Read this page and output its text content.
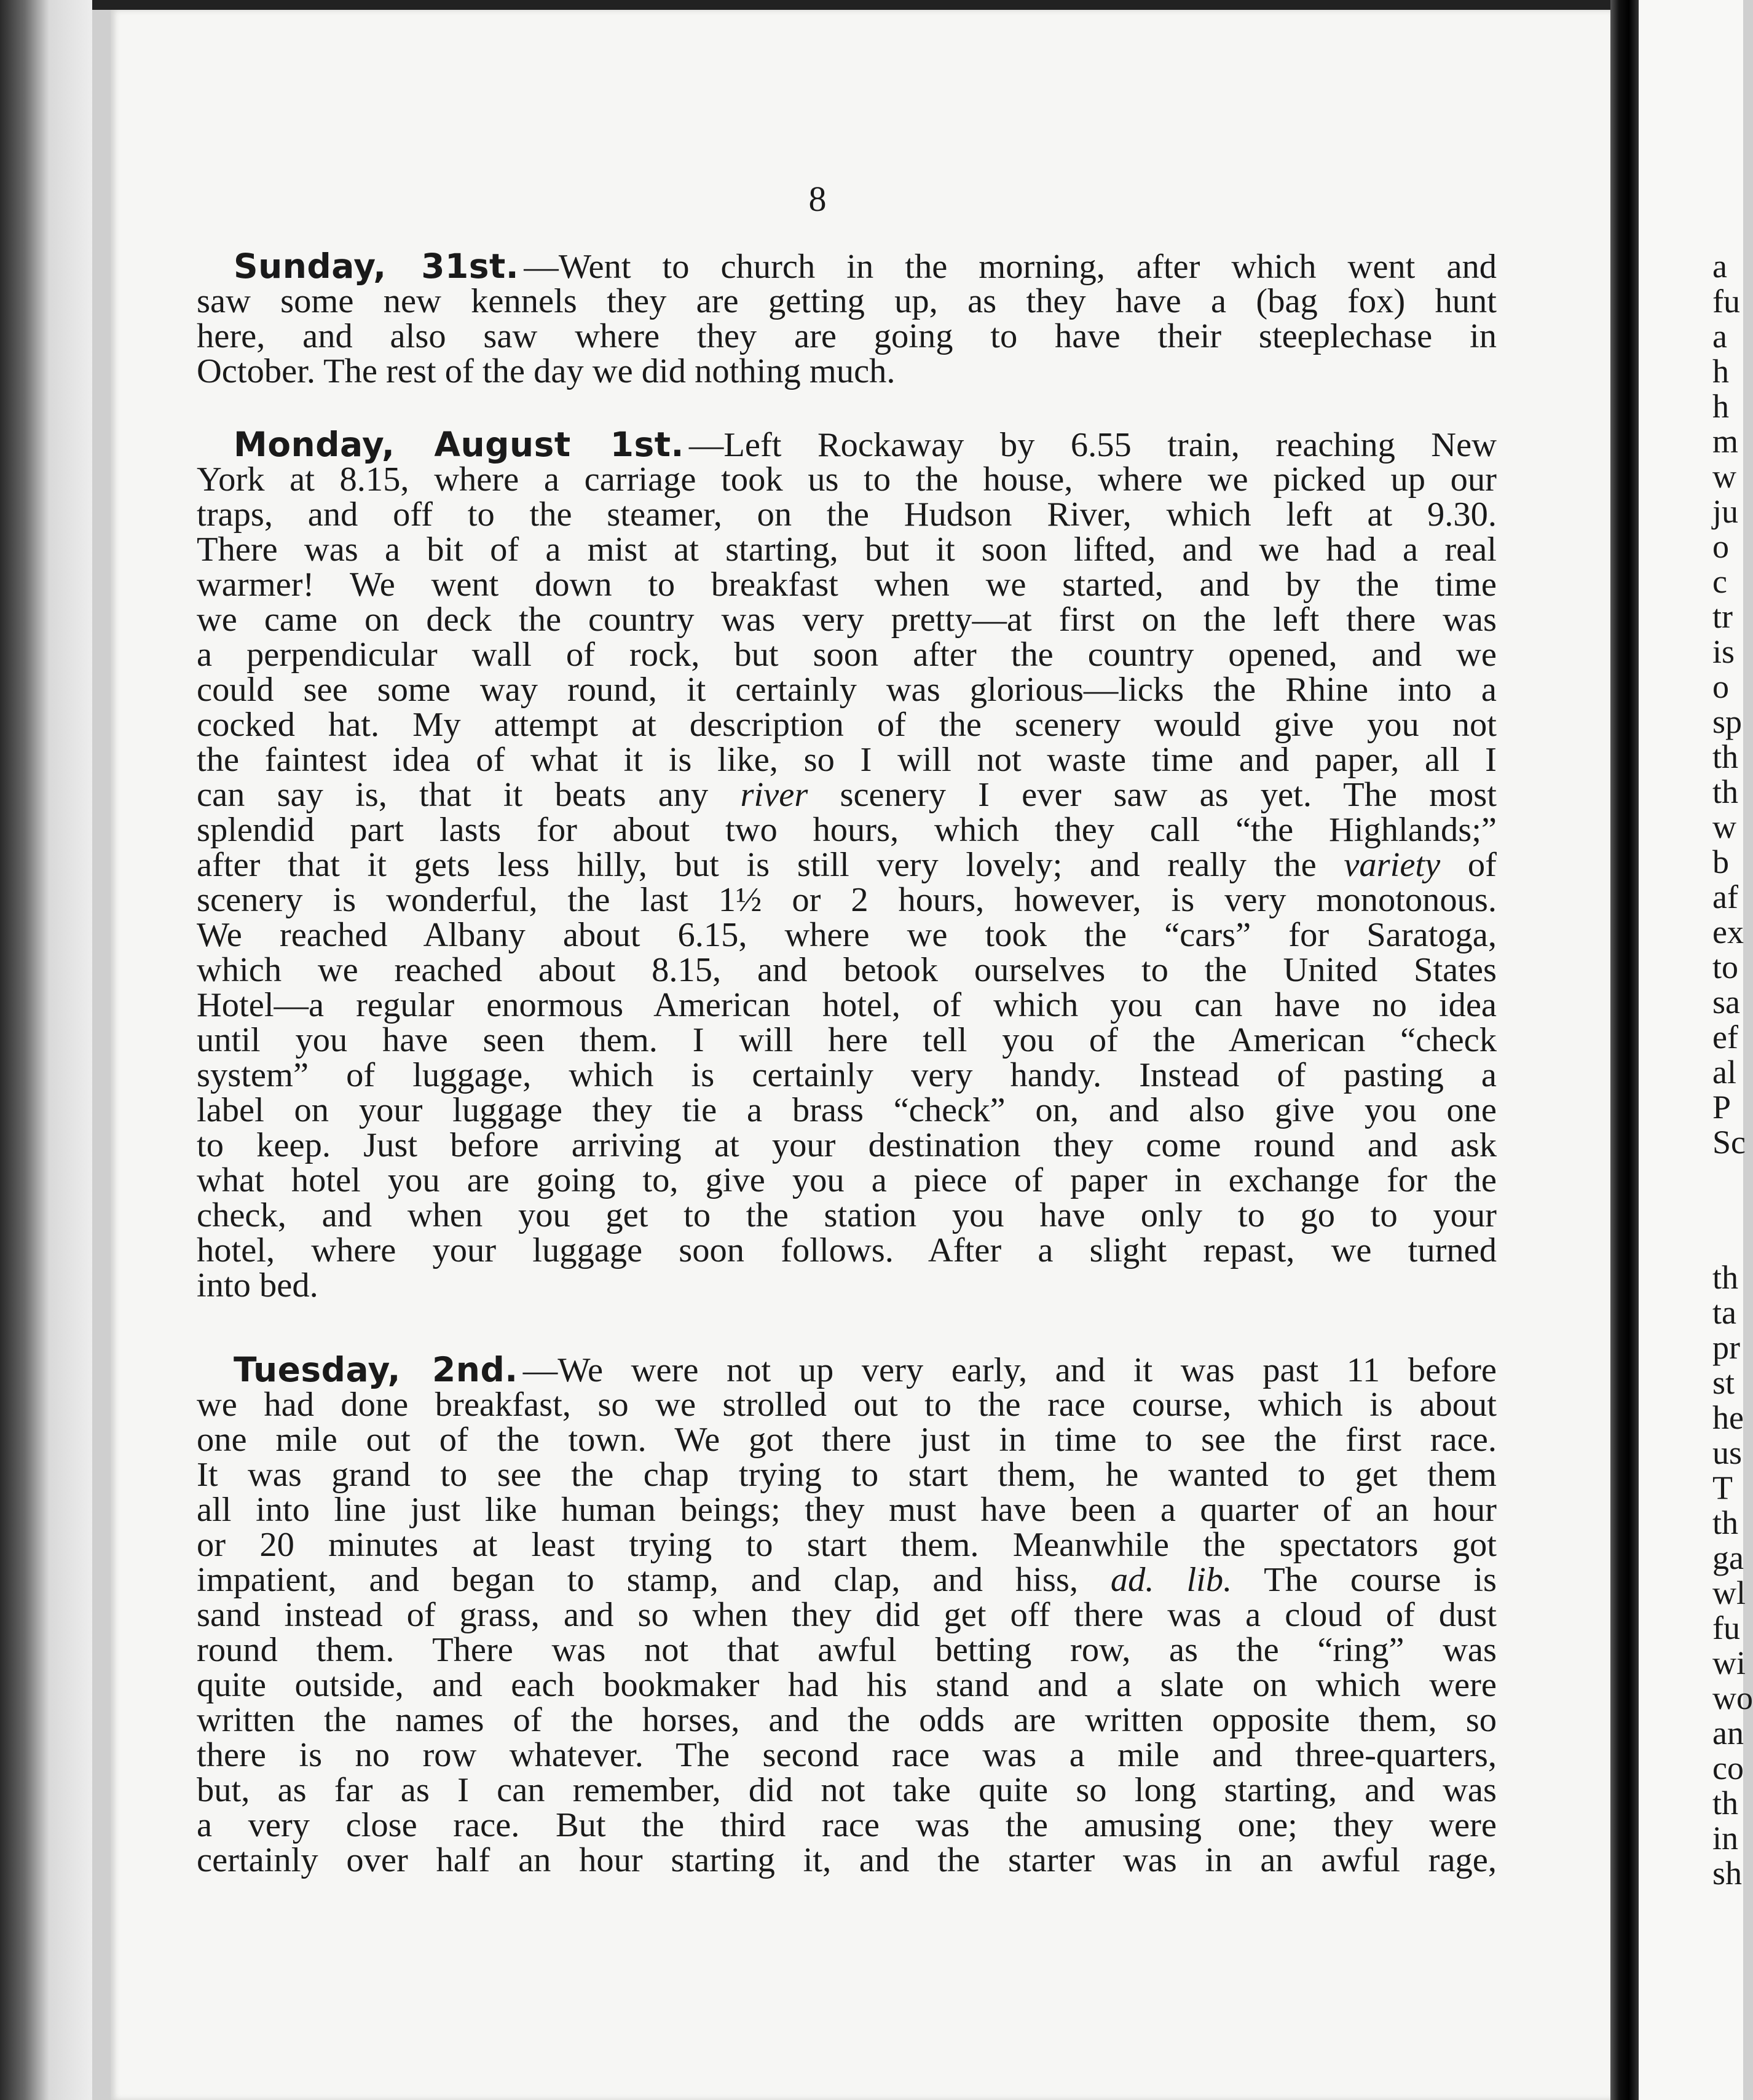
8
Sunday, 31st. —Went to church in the morning, after which went and
saw some new kennels they are getting up, as they have a (bag fox) hunt
here, and also saw where they are going to have their steeplechase in
October. The rest of the day we did nothing much.
Monday, August 1st. —Left Rockaway by 6.55 train, reaching New
York at 8.15, where a carriage took us to the house, where we picked up our
traps, and off to the steamer, on the Hudson River, which left at 9.30.
There was a bit of a mist at starting, but it soon lifted, and we had a real
warmer! We went down to breakfast when we started, and by the time
we came on deck the country was very pretty—at first on the left there was
a perpendicular wall of rock, but soon after the country opened, and we
could see some way round, it certainly was glorious—licks the Rhine into a
cocked hat. My attempt at description of the scenery would give you not
the faintest idea of what it is like, so I will not waste time and paper, all I
can say is, that it beats any river scenery I ever saw as yet. The most
splendid part lasts for about two hours, which they call “the Highlands;”
after that it gets less hilly, but is still very lovely; and really the variety of
scenery is wonderful, the last 1½ or 2 hours, however, is very monotonous.
We reached Albany about 6.15, where we took the “cars” for Saratoga,
which we reached about 8.15, and betook ourselves to the United States
Hotel—a regular enormous American hotel, of which you can have no idea
until you have seen them. I will here tell you of the American “check
system” of luggage, which is certainly very handy. Instead of pasting a
label on your luggage they tie a brass “check” on, and also give you one
to keep. Just before arriving at your destination they come round and ask
what hotel you are going to, give you a piece of paper in exchange for the
check, and when you get to the station you have only to go to your
hotel, where your luggage soon follows. After a slight repast, we turned
into bed.
Tuesday, 2nd. —We were not up very early, and it was past 11 before
we had done breakfast, so we strolled out to the race course, which is about
one mile out of the town. We got there just in time to see the first race.
It was grand to see the chap trying to start them, he wanted to get them
all into line just like human beings; they must have been a quarter of an hour
or 20 minutes at least trying to start them. Meanwhile the spectators got
impatient, and began to stamp, and clap, and hiss, ad. lib. The course is
sand instead of grass, and so when they did get off there was a cloud of dust
round them. There was not that awful betting row, as the “ring” was
quite outside, and each bookmaker had his stand and a slate on which were
written the names of the horses, and the odds are written opposite them, so
there is no row whatever. The second race was a mile and three-quarters,
but, as far as I can remember, did not take quite so long starting, and was
a very close race. But the third race was the amusing one; they were
certainly over half an hour starting it, and the starter was in an awful rage,
a
fu
a
h
h
m
w
ju
o
c
tr
is
o
sp
th
th
w
b
af
ex
to
sa
ef
al
P
Sc
th
ta
pr
st
he
us
T
th
ga
wl
fu
wi
wo
an
co
th
in
sh
